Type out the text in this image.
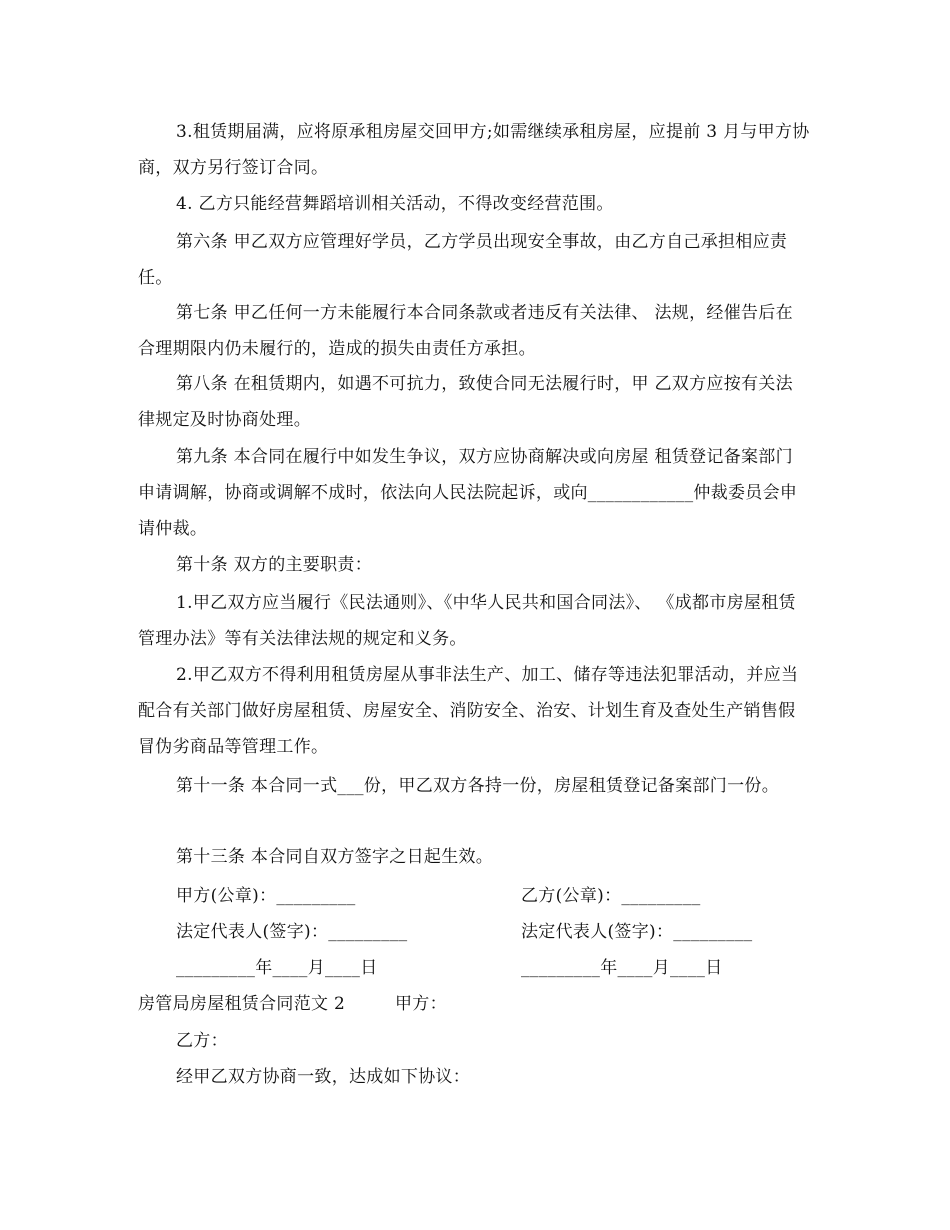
3.租赁期届满，应将原承租房屋交回甲方;如需继续承租房屋，应提前 3 月与甲方协商，双方另行签订合同。

4. 乙方只能经营舞蹈培训相关活动，不得改变经营范围。

第六条 甲乙双方应管理好学员，乙方学员出现安全事故，由乙方自己承担相应责任。

第七条 甲乙任何一方未能履行本合同条款或者违反有关法律、 法规，经催告后在合理期限内仍未履行的，造成的损失由责任方承担。

第八条 在租赁期内，如遇不可抗力，致使合同无法履行时，甲 乙双方应按有关法律规定及时协商处理。

第九条 本合同在履行中如发生争议，双方应协商解决或向房屋 租赁登记备案部门申请调解，协商或调解不成时，依法向人民法院起诉，或向____________仲裁委员会申请仲裁。

第十条 双方的主要职责：

1.甲乙双方应当履行《民法通则》、《中华人民共和国合同法》、 《成都市房屋租赁管理办法》等有关法律法规的规定和义务。

2.甲乙双方不得利用租赁房屋从事非法生产、加工、储存等违法犯罪活动，并应当配合有关部门做好房屋租赁、房屋安全、消防安全、治安、计划生育及查处生产销售假冒伪劣商品等管理工作。

第十一条 本合同一式___份，甲乙双方各持一份，房屋租赁登记备案部门一份。

第十三条 本合同自双方签字之日起生效。

甲方(公章)：_________	乙方(公章)：_________
法定代表人(签字)：_________	法定代表人(签字)：_________
_________年____月____日	_________年____月____日
房管局房屋租赁合同范文 2	甲方：
乙方：
经甲乙双方协商一致，达成如下协议：
